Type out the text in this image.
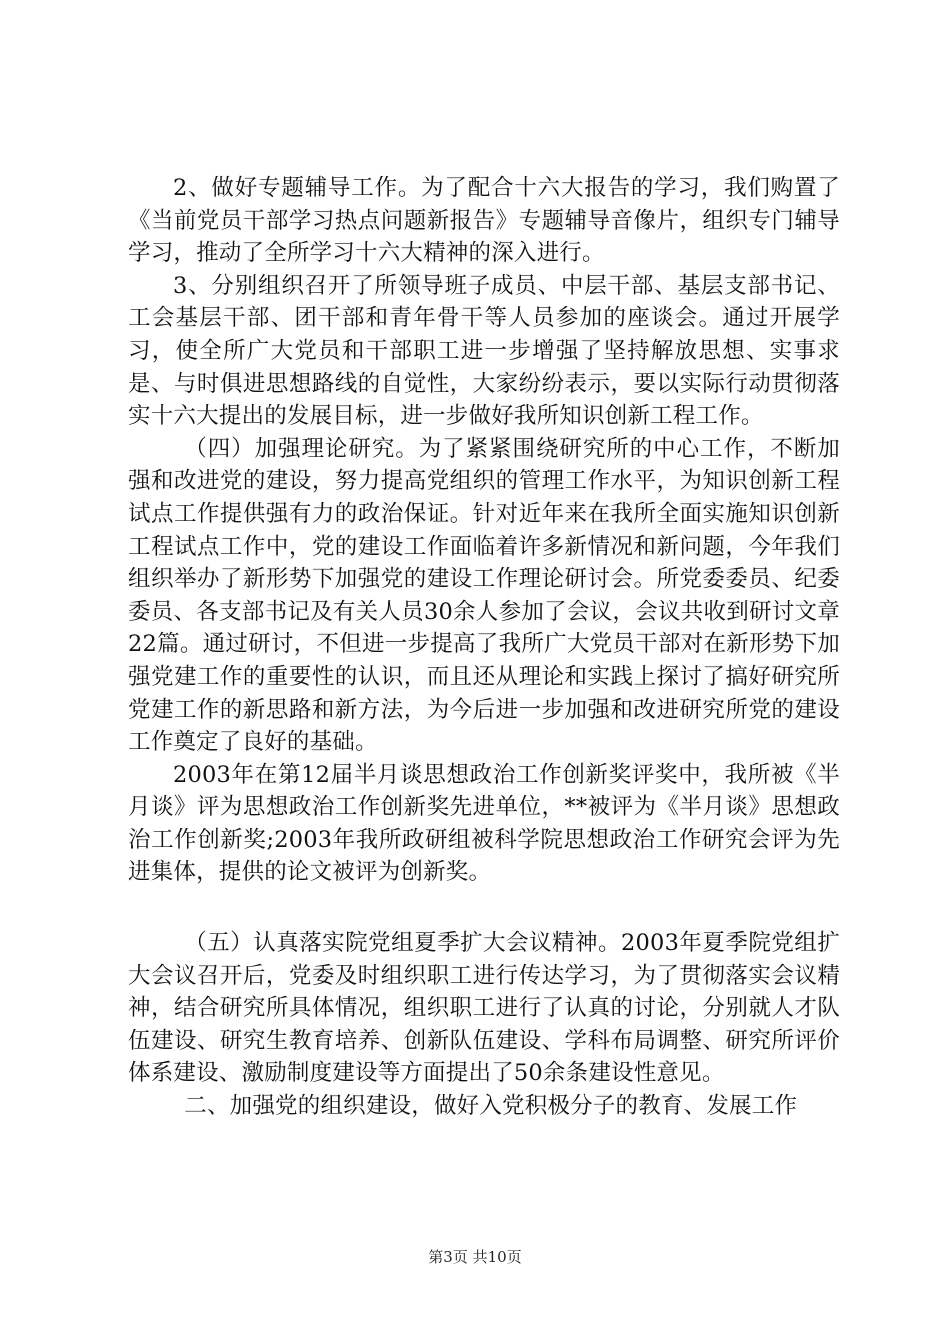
2、做好专题辅导工作。为了配合十六大报告的学习，我们购置了《当前党员干部学习热点问题新报告》专题辅导音像片，组织专门辅导学习，推动了全所学习十六大精神的深入进行。

3、分别组织召开了所领导班子成员、中层干部、基层支部书记、工会基层干部、团干部和青年骨干等人员参加的座谈会。通过开展学习，使全所广大党员和干部职工进一步增强了坚持解放思想、实事求是、与时俱进思想路线的自觉性，大家纷纷表示，要以实际行动贯彻落实十六大提出的发展目标，进一步做好我所知识创新工程工作。

（四）加强理论研究。为了紧紧围绕研究所的中心工作，不断加强和改进党的建设，努力提高党组织的管理工作水平，为知识创新工程试点工作提供强有力的政治保证。针对近年来在我所全面实施知识创新工程试点工作中，党的建设工作面临着许多新情况和新问题，今年我们组织举办了新形势下加强党的建设工作理论研讨会。所党委委员、纪委委员、各支部书记及有关人员30余人参加了会议，会议共收到研讨文章22篇。通过研讨，不但进一步提高了我所广大党员干部对在新形势下加强党建工作的重要性的认识，而且还从理论和实践上探讨了搞好研究所党建工作的新思路和新方法，为今后进一步加强和改进研究所党的建设工作奠定了良好的基础。

2003年在第12届半月谈思想政治工作创新奖评奖中，我所被《半月谈》评为思想政治工作创新奖先进单位，**被评为《半月谈》思想政治工作创新奖;2003年我所政研组被科学院思想政治工作研究会评为先进集体，提供的论文被评为创新奖。

（五）认真落实院党组夏季扩大会议精神。2003年夏季院党组扩大会议召开后，党委及时组织职工进行传达学习，为了贯彻落实会议精神，结合研究所具体情况，组织职工进行了认真的讨论，分别就人才队伍建设、研究生教育培养、创新队伍建设、学科布局调整、研究所评价体系建设、激励制度建设等方面提出了50余条建设性意见。

二、加强党的组织建设，做好入党积极分子的教育、发展工作

第3页 共10页
